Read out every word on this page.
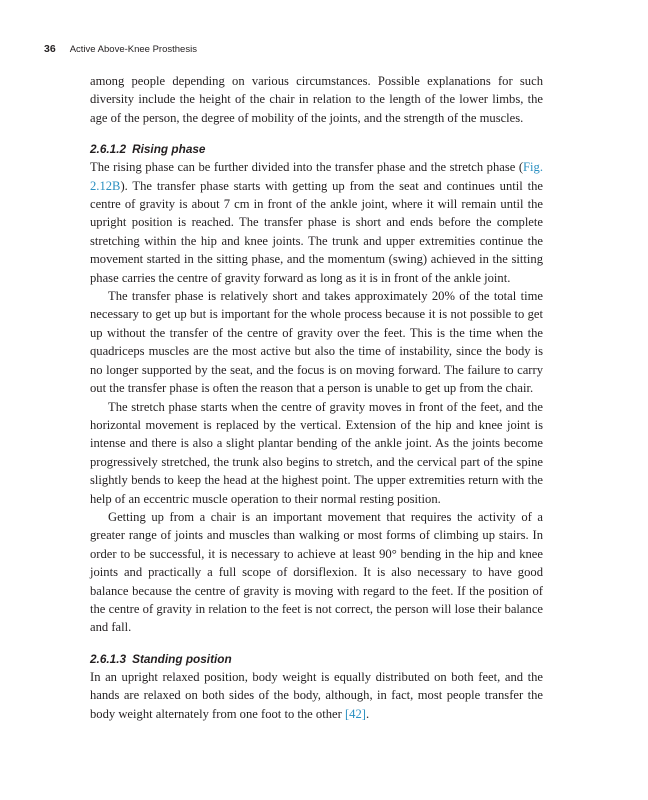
36 Active Above-Knee Prosthesis

among people depending on various circumstances. Possible explanations for such diversity include the height of the chair in relation to the length of the lower limbs, the age of the person, the degree of mobility of the joints, and the strength of the muscles.

2.6.1.2 Rising phase

The rising phase can be further divided into the transfer phase and the stretch phase (Fig. 2.12B). The transfer phase starts with getting up from the seat and continues until the centre of gravity is about 7 cm in front of the ankle joint, where it will remain until the upright position is reached. The transfer phase is short and ends before the complete stretching within the hip and knee joints. The trunk and upper extremities continue the movement started in the sitting phase, and the momentum (swing) achieved in the sitting phase carries the centre of gravity forward as long as it is in front of the ankle joint.

The transfer phase is relatively short and takes approximately 20% of the total time necessary to get up but is important for the whole process because it is not possible to get up without the transfer of the centre of gravity over the feet. This is the time when the quadriceps muscles are the most active but also the time of instability, since the body is no longer supported by the seat, and the focus is on moving forward. The failure to carry out the transfer phase is often the reason that a person is unable to get up from the chair.

The stretch phase starts when the centre of gravity moves in front of the feet, and the horizontal movement is replaced by the vertical. Extension of the hip and knee joint is intense and there is also a slight plantar bending of the ankle joint. As the joints become progressively stretched, the trunk also begins to stretch, and the cervical part of the spine slightly bends to keep the head at the highest point. The upper extremities return with the help of an eccentric muscle operation to their normal resting position.

Getting up from a chair is an important movement that requires the activity of a greater range of joints and muscles than walking or most forms of climbing up stairs. In order to be successful, it is necessary to achieve at least 90° bending in the hip and knee joints and practically a full scope of dorsiflexion. It is also necessary to have good balance because the centre of gravity is moving with regard to the feet. If the position of the centre of gravity in relation to the feet is not correct, the person will lose their balance and fall.

2.6.1.3 Standing position

In an upright relaxed position, body weight is equally distributed on both feet, and the hands are relaxed on both sides of the body, although, in fact, most people transfer the body weight alternately from one foot to the other [42].
